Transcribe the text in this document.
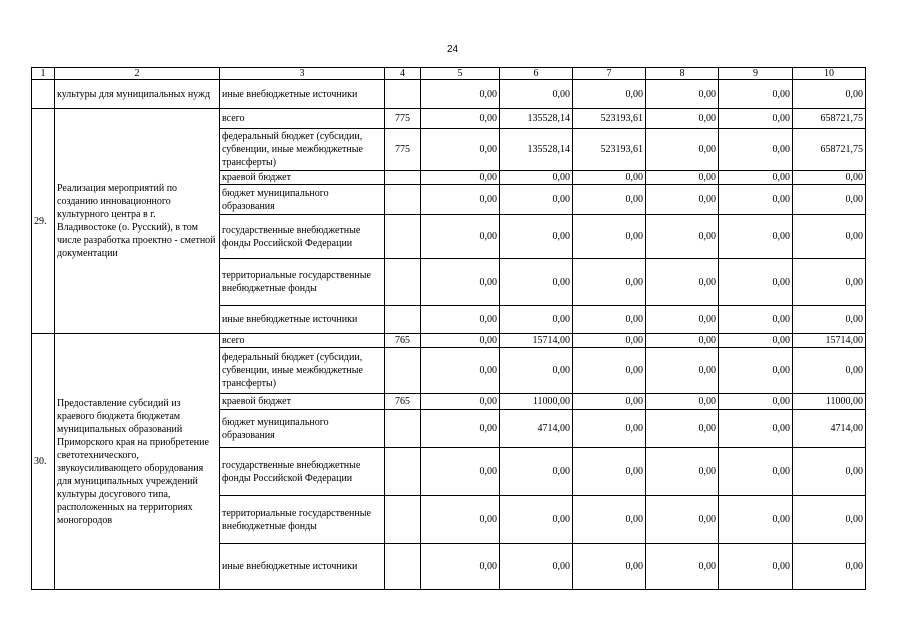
24
1	2	3	4	5	6	7	8	9	10
	культуры для муниципальных нужд	иные внебюджетные источники		0,00	0,00	0,00	0,00	0,00	0,00
29.	Реализация мероприятий по созданию инновационного культурного центра в г. Владивостоке (о. Русский), в том числе разработка проектно - сметной документации	всего	775	0,00	135528,14	523193,61	0,00	0,00	658721,75
		федеральный бюджет (субсидии, субвенции, иные межбюджетные трансферты)	775	0,00	135528,14	523193,61	0,00	0,00	658721,75
		краевой бюджет		0,00	0,00	0,00	0,00	0,00	0,00
		бюджет муниципального образования		0,00	0,00	0,00	0,00	0,00	0,00
		государственные внебюджетные фонды Российской Федерации		0,00	0,00	0,00	0,00	0,00	0,00
		территориальные государственные внебюджетные фонды		0,00	0,00	0,00	0,00	0,00	0,00
		иные внебюджетные источники		0,00	0,00	0,00	0,00	0,00	0,00
30.	Предоставление субсидий из краевого бюджета бюджетам муниципальных образований Приморского края на приобретение светотехнического, звукоусиливающего оборудования для муниципальных учреждений культуры досугового типа, расположенных на территориях моногородов	всего	765	0,00	15714,00	0,00	0,00	0,00	15714,00
		федеральный бюджет (субсидии, субвенции, иные межбюджетные трансферты)		0,00	0,00	0,00	0,00	0,00	0,00
		краевой бюджет	765	0,00	11000,00	0,00	0,00	0,00	11000,00
		бюджет муниципального образования		0,00	4714,00	0,00	0,00	0,00	4714,00
		государственные внебюджетные фонды Российской Федерации		0,00	0,00	0,00	0,00	0,00	0,00
		территориальные государственные внебюджетные фонды		0,00	0,00	0,00	0,00	0,00	0,00
		иные внебюджетные источники		0,00	0,00	0,00	0,00	0,00	0,00
